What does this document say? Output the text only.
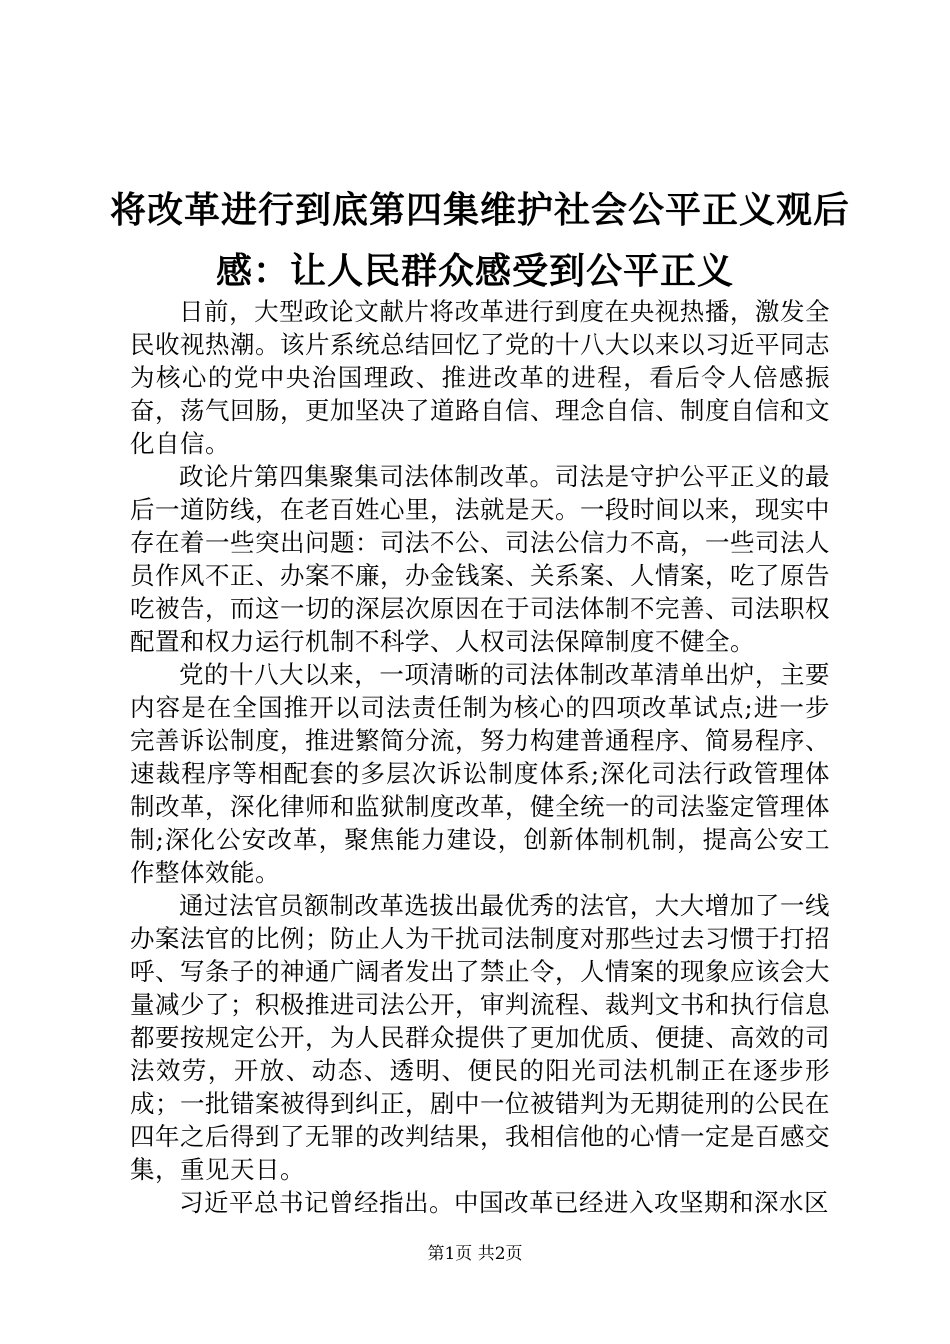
将改革进行到底第四集维护社会公平正义观后
感：让人民群众感受到公平正义

日前，大型政论文献片将改革进行到度在央视热播，激发全民收视热潮。该片系统总结回忆了党的十八大以来以习近平同志为核心的党中央治国理政、推进改革的进程，看后令人倍感振奋，荡气回肠，更加坚决了道路自信、理念自信、制度自信和文化自信。

政论片第四集聚集司法体制改革。司法是守护公平正义的最后一道防线，在老百姓心里，法就是天。一段时间以来，现实中存在着一些突出问题：司法不公、司法公信力不高，一些司法人员作风不正、办案不廉，办金钱案、关系案、人情案，吃了原告吃被告，而这一切的深层次原因在于司法体制不完善、司法职权配置和权力运行机制不科学、人权司法保障制度不健全。

党的十八大以来，一项清晰的司法体制改革清单出炉，主要内容是在全国推开以司法责任制为核心的四项改革试点;进一步完善诉讼制度，推进繁简分流，努力构建普通程序、简易程序、速裁程序等相配套的多层次诉讼制度体系;深化司法行政管理体制改革，深化律师和监狱制度改革，健全统一的司法鉴定管理体制;深化公安改革，聚焦能力建设，创新体制机制，提高公安工作整体效能。

通过法官员额制改革选拔出最优秀的法官，大大增加了一线办案法官的比例；防止人为干扰司法制度对那些过去习惯于打招呼、写条子的神通广阔者发出了禁止令，人情案的现象应该会大量减少了；积极推进司法公开，审判流程、裁判文书和执行信息都要按规定公开，为人民群众提供了更加优质、便捷、高效的司法效劳，开放、动态、透明、便民的阳光司法机制正在逐步形成；一批错案被得到纠正，剧中一位被错判为无期徒刑的公民在四年之后得到了无罪的改判结果，我相信他的心情一定是百感交集，重见天日。

习近平总书记曾经指出。中国改革已经进入攻坚期和深水区

第1页 共2页
